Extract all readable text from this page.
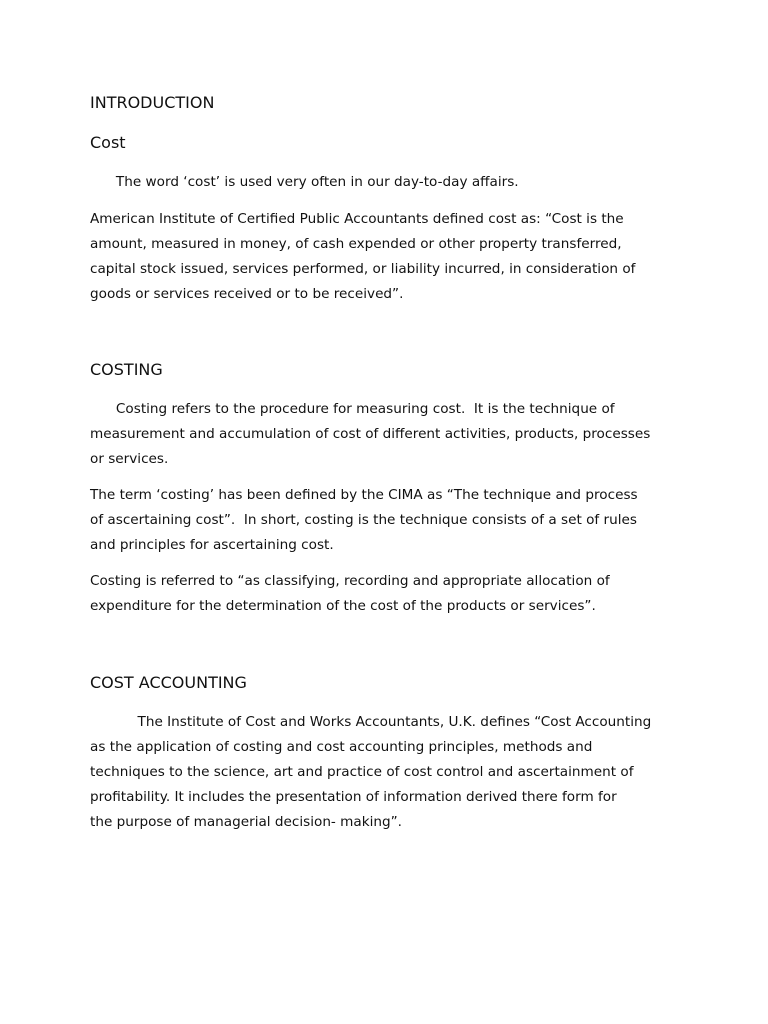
INTRODUCTION
Cost

The word ‘cost’ is used very often in our day-to-day affairs.

American Institute of Certified Public Accountants defined cost as: “Cost is the
amount, measured in money, of cash expended or other property transferred,
capital stock issued, services performed, or liability incurred, in consideration of
goods or services received or to be received”.

COSTING

Costing refers to the procedure for measuring cost.  It is the technique of
measurement and accumulation of cost of different activities, products, processes
or services.

The term ‘costing’ has been defined by the CIMA as “The technique and process
of ascertaining cost”.  In short, costing is the technique consists of a set of rules
and principles for ascertaining cost.

Costing is referred to “as classifying, recording and appropriate allocation of
expenditure for the determination of the cost of the products or services”.

COST ACCOUNTING

The Institute of Cost and Works Accountants, U.K. defines “Cost Accounting
as the application of costing and cost accounting principles, methods and
techniques to the science, art and practice of cost control and ascertainment of
profitability. It includes the presentation of information derived there form for
the purpose of managerial decision- making”.
